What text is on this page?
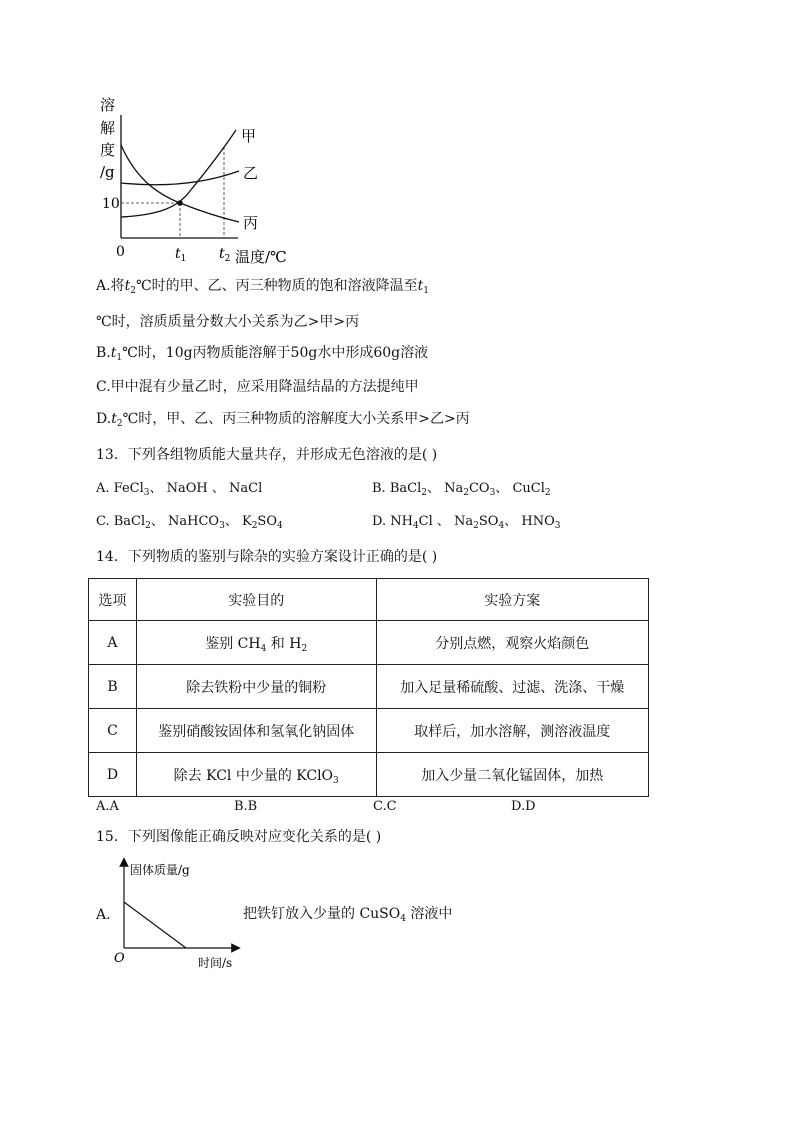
溶
解
度
/g
甲
乙
丙
10
0	$t_1$ $t_2$ 温度/℃
A.将$t_2℃$时的甲、乙、丙三种物质的饱和溶液降温至$t_1$
℃时，溶质质量分数大小关系为乙>甲>丙
$B.t_1℃$时，10g丙物质能溶解于50g水中形成60g溶液
C.甲中混有少量乙时，应采用降温结晶的方法提纯甲
$D.t_2℃$时，甲、乙、丙三种物质的溶解度大小关系甲>乙>丙
13．下列各组物质能大量共存，并形成无色溶液的是( )
A. FeCl$_3$、 NaOH 、 NaCl	B. BaCl$_2$、 $Na_2CO_3$、 CuCl$_2$
C. BaCl$_2$、 NaHCO$_3$、 $K_2SO_4$	D. $NH_4Cl$ 、 $Na_2SO_4$、 $HNO_3$
14．下列物质的鉴别与除杂的实验方案设计正确的是( )
选项	实验目的	实验方案
A	鉴别 $CH_4$ 和 $H_2$	分别点燃，观察火焰颜色
B	除去铁粉中少量的铜粉	加入足量稀硫酸、过滤、洗涤、干燥
C	鉴别硝酸铵固体和氢氧化钠固体	取样后，加水溶解，测溶液温度
D	除去 KCl 中少量的 KClO$_3$	加入少量二氧化锰固体，加热
A.A	B.B	C.C	D.D
15．下列图像能正确反映对应变化关系的是( )
A.
固体质量/g
O	时间/s
把铁钉放入少量的 CuSO$_4$ 溶液中
